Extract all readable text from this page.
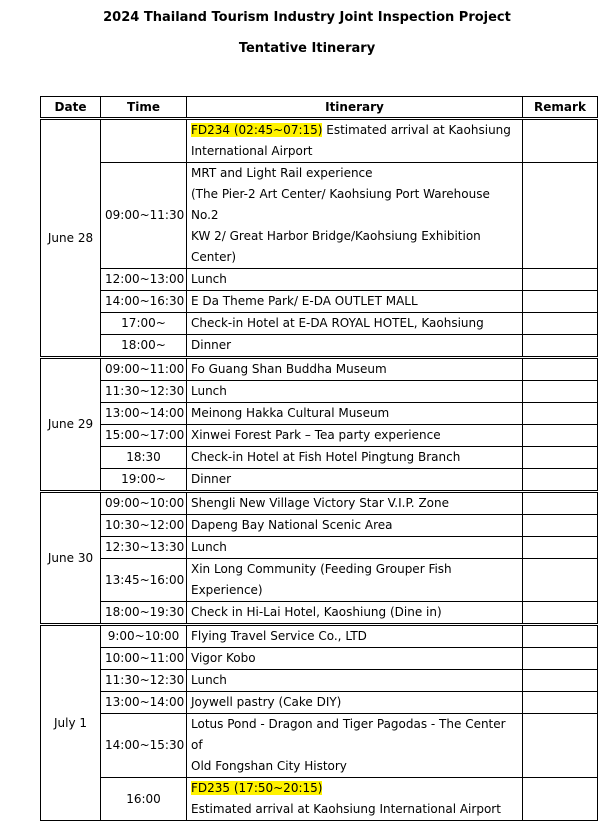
2024 Thailand Tourism Industry Joint Inspection Project
Tentative Itinerary
Date	Time	Itinerary	Remark
June 28		FD234 (02:45~07:15) Estimated arrival at Kaohsiung
International Airport	

	09:00~11:30	MRT and Light Rail experience
(The Pier-2 Art Center/ Kaohsiung Port Warehouse No.2
KW 2/ Great Harbor Bridge/Kaohsiung Exhibition Center)	

	12:00~13:00	Lunch	

	14:00~16:30	E Da Theme Park/ E-DA OUTLET MALL	

	17:00~	Check-in Hotel at E-DA ROYAL HOTEL, Kaohsiung	

	18:00~	Dinner	

June 29	09:00~11:00	Fo Guang Shan Buddha Museum	

	11:30~12:30	Lunch	

	13:00~14:00	Meinong Hakka Cultural Museum	

	15:00~17:00	Xinwei Forest Park – Tea party experience	

	18:30	Check-in Hotel at Fish Hotel Pingtung Branch	

	19:00~	Dinner	

June 30	09:00~10:00	Shengli New Village Victory Star V.I.P. Zone	

	10:30~12:00	Dapeng Bay National Scenic Area	

	12:30~13:30	Lunch	

	13:45~16:00	Xin Long Community (Feeding Grouper Fish Experience)	

	18:00~19:30	Check in Hi-Lai Hotel, Kaoshiung (Dine in)	

July 1	9:00~10:00	Flying Travel Service Co., LTD	

	10:00~11:00	Vigor Kobo	

	11:30~12:30	Lunch	

	13:00~14:00	Joywell pastry (Cake DIY)	

	14:00~15:30	Lotus Pond - Dragon and Tiger Pagodas - The Center of
Old Fongshan City History	

	16:00	FD235 (17:50~20:15)
Estimated arrival at Kaohsiung International Airport	
